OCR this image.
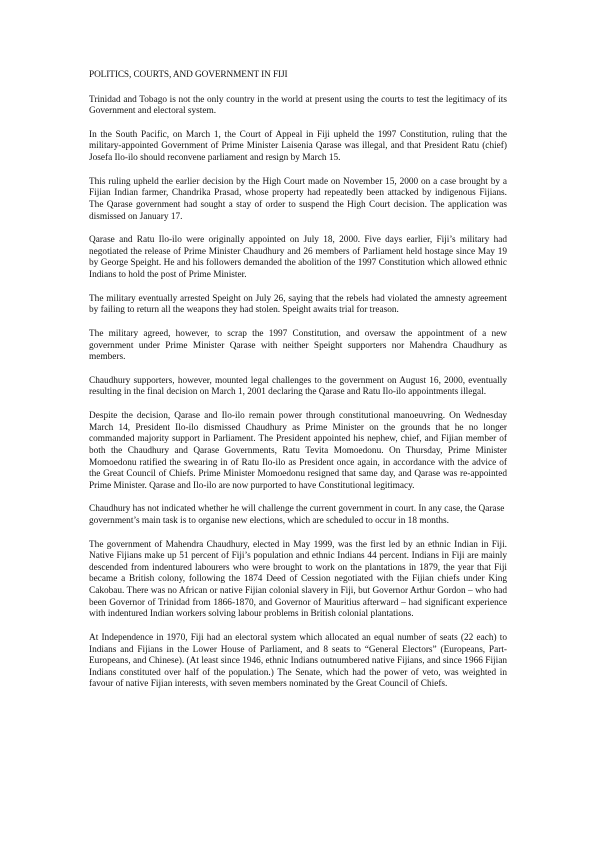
POLITICS, COURTS, AND GOVERNMENT IN FIJI

Trinidad and Tobago is not the only country in the world at present using the courts to test the legitimacy of its Government and electoral system.

In the South Pacific, on March 1, the Court of Appeal in Fiji upheld the 1997 Constitution, ruling that the military-appointed Government of Prime Minister Laisenia Qarase was illegal, and that President Ratu (chief) Josefa Ilo-ilo should reconvene parliament and resign by March 15.

This ruling upheld the earlier decision by the High Court made on November 15, 2000 on a case brought by a Fijian Indian farmer, Chandrika Prasad, whose property had repeatedly been attacked by indigenous Fijians. The Qarase government had sought a stay of order to suspend the High Court decision. The application was dismissed on January 17.

Qarase and Ratu Ilo-ilo were originally appointed on July 18, 2000. Five days earlier, Fiji’s military had negotiated the release of Prime Minister Chaudhury and 26 members of Parliament held hostage since May 19 by George Speight. He and his followers demanded the abolition of the 1997 Constitution which allowed ethnic Indians to hold the post of Prime Minister.

The military eventually arrested Speight on July 26, saying that the rebels had violated the amnesty agreement by failing to return all the weapons they had stolen. Speight awaits trial for treason.

The military agreed, however, to scrap the 1997 Constitution, and oversaw the appointment of a new government under Prime Minister Qarase with neither Speight supporters nor Mahendra Chaudhury as members.

Chaudhury supporters, however, mounted legal challenges to the government on August 16, 2000, eventually resulting in the final decision on March 1, 2001 declaring the Qarase and Ratu Ilo-ilo appointments illegal.

Despite the decision, Qarase and Ilo-ilo remain power through constitutional manoeuvring. On Wednesday March 14, President Ilo-ilo dismissed Chaudhury as Prime Minister on the grounds that he no longer commanded majority support in Parliament. The President appointed his nephew, chief, and Fijian member of both the Chaudhury and Qarase Governments, Ratu Tevita Momoedonu. On Thursday, Prime Minister Momoedonu ratified the swearing in of Ratu Ilo-ilo as President once again, in accordance with the advice of the Great Council of Chiefs. Prime Minister Momoedonu resigned that same day, and Qarase was re-appointed Prime Minister. Qarase and Ilo-ilo are now purported to have Constitutional legitimacy.

Chaudhury has not indicated whether he will challenge the current government in court. In any case, the Qarase government’s main task is to organise new elections, which are scheduled to occur in 18 months.

The government of Mahendra Chaudhury, elected in May 1999, was the first led by an ethnic Indian in Fiji. Native Fijians make up 51 percent of Fiji’s population and ethnic Indians 44 percent. Indians in Fiji are mainly descended from indentured labourers who were brought to work on the plantations in 1879, the year that Fiji became a British colony, following the 1874 Deed of Cession negotiated with the Fijian chiefs under King Cakobau. There was no African or native Fijian colonial slavery in Fiji, but Governor Arthur Gordon – who had been Governor of Trinidad from 1866-1870, and Governor of Mauritius afterward – had significant experience with indentured Indian workers solving labour problems in British colonial plantations.

At Independence in 1970, Fiji had an electoral system which allocated an equal number of seats (22 each) to Indians and Fijians in the Lower House of Parliament, and 8 seats to “General Electors” (Europeans, Part-Europeans, and Chinese). (At least since 1946, ethnic Indians outnumbered native Fijians, and since 1966 Fijian Indians constituted over half of the population.) The Senate, which had the power of veto, was weighted in favour of native Fijian interests, with seven members nominated by the Great Council of Chiefs.
